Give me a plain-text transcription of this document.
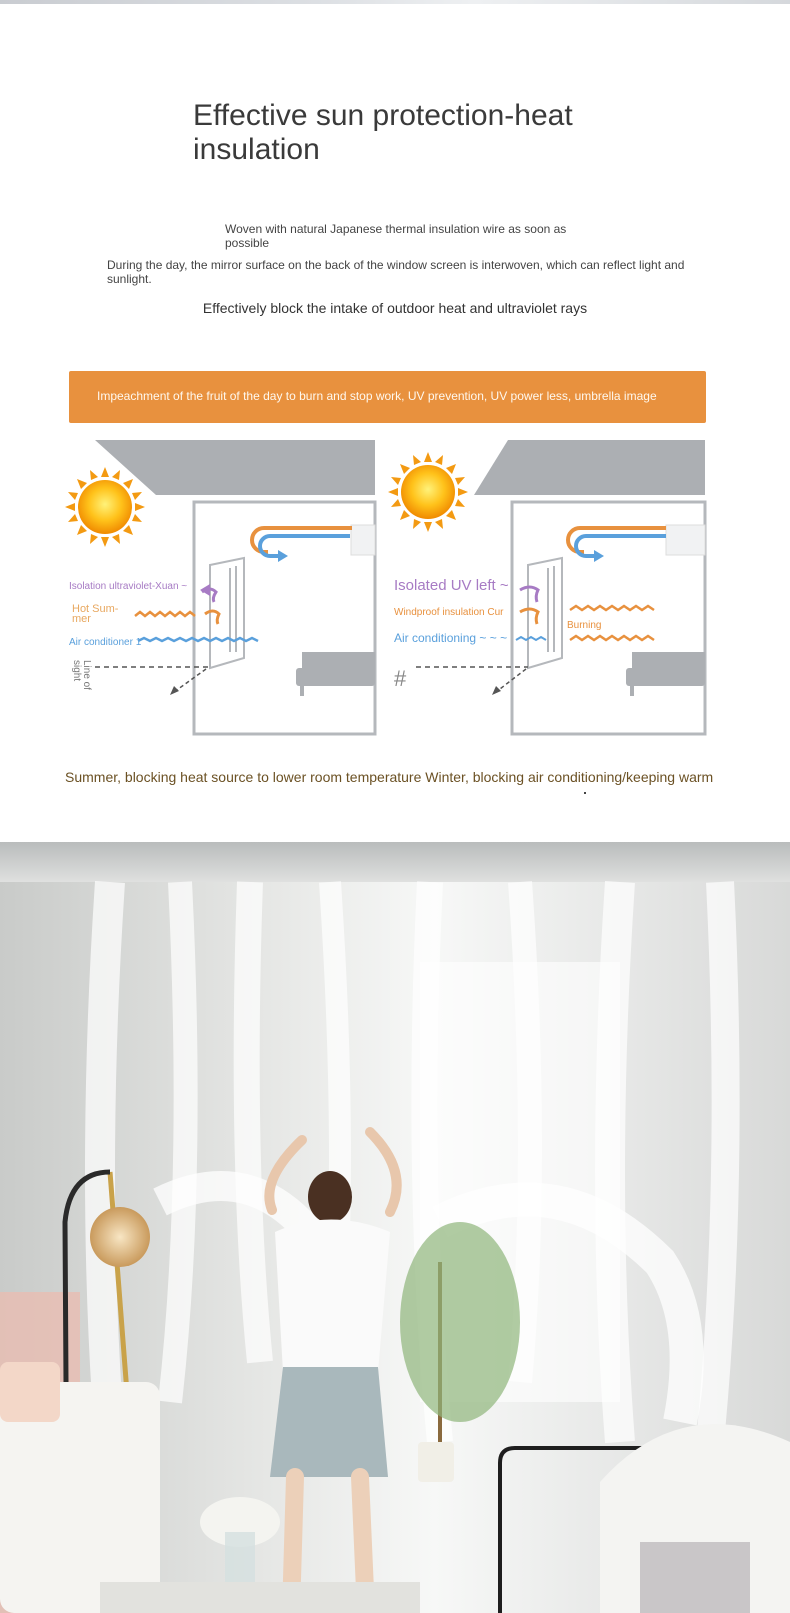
Effective sun protection-heat insulation
Woven with natural Japanese thermal insulation wire as soon as possible
During the day, the mirror surface on the back of the window screen is interwoven, which can reflect light and sunlight.
Effectively block the intake of outdoor heat and ultraviolet rays
Impeachment of the fruit of the day to burn and stop work, UV prevention, UV power less, umbrella image
Isolation ultraviolet-Xuan ~
Hot Sum-
mer
Air conditioner 1
Line of
sight
Isolated UV left ~
Windproof insulation Cur
Air conditioning ~ ~ ~
Burning
#
Summer, blocking heat source to lower room temperature Winter, blocking air conditioning/keeping warm
